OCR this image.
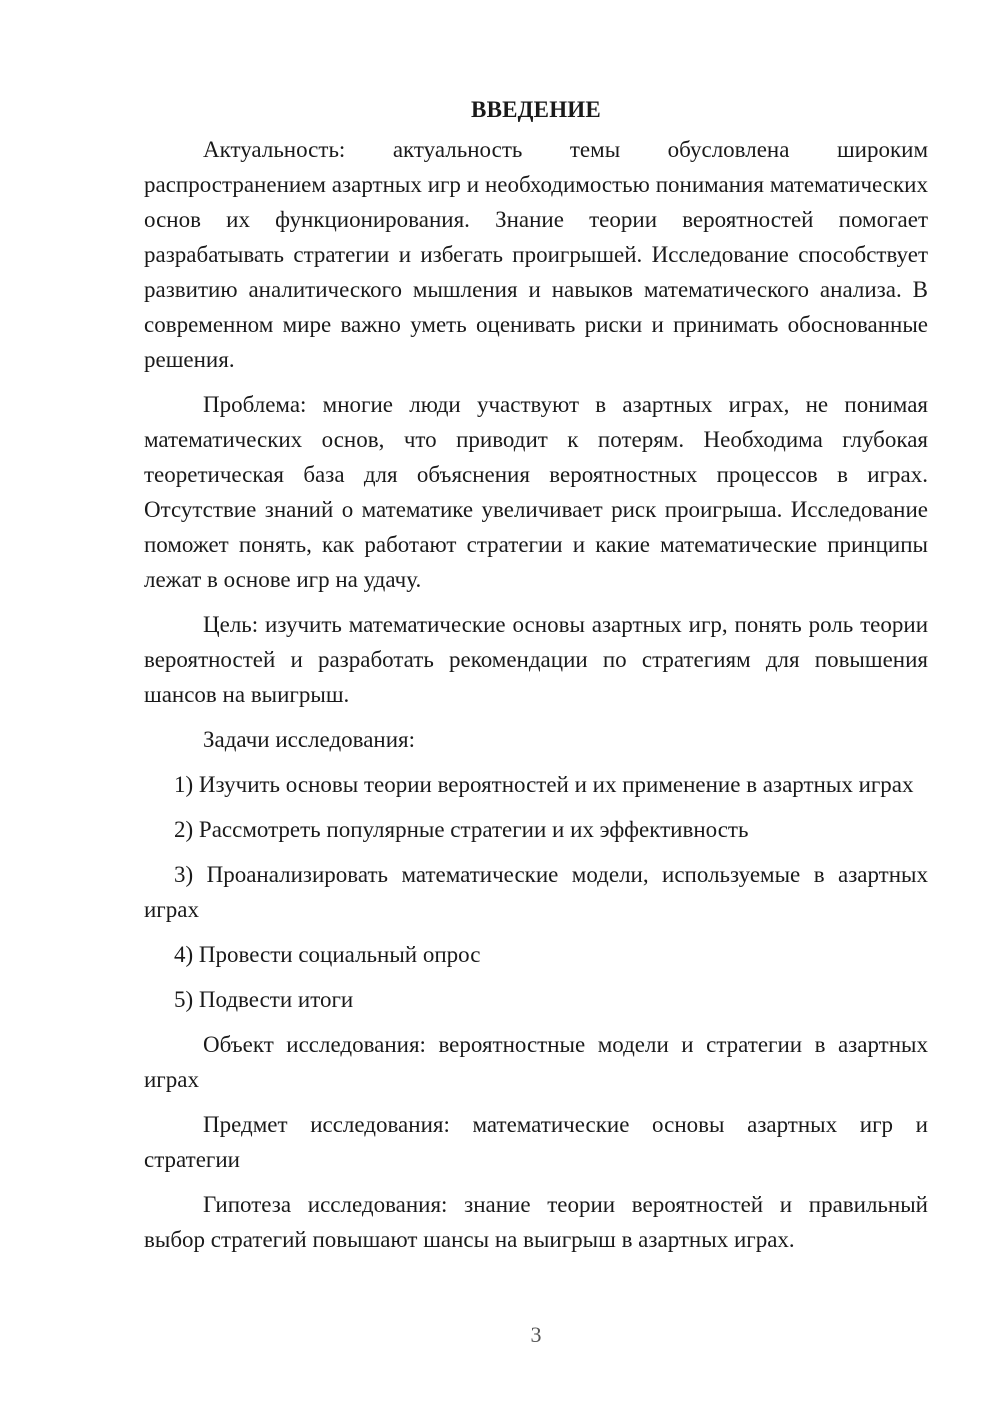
ВВЕДЕНИЕ

Актуальность: актуальность темы обусловлена широким распространением азартных игр и необходимостью понимания математических основ их функционирования. Знание теории вероятностей помогает разрабатывать стратегии и избегать проигрышей. Исследование способствует развитию аналитического мышления и навыков математического анализа. В современном мире важно уметь оценивать риски и принимать обоснованные решения.

Проблема: многие люди участвуют в азартных играх, не понимая математических основ, что приводит к потерям. Необходима глубокая теоретическая база для объяснения вероятностных процессов в играх. Отсутствие знаний о математике увеличивает риск проигрыша. Исследование поможет понять, как работают стратегии и какие математические принципы лежат в основе игр на удачу.

Цель: изучить математические основы азартных игр, понять роль теории вероятностей и разработать рекомендации по стратегиям для повышения шансов на выигрыш.

Задачи исследования:

1) Изучить основы теории вероятностей и их применение в азартных играх

2) Рассмотреть популярные стратегии и их эффективность

3) Проанализировать математические модели, используемые в азартных играх

4) Провести социальный опрос

5) Подвести итоги

Объект исследования: вероятностные модели и стратегии в азартных играх

Предмет исследования: математические основы азартных игр и стратегии

Гипотеза исследования: знание теории вероятностей и правильный выбор стратегий повышают шансы на выигрыш в азартных играх.

3
